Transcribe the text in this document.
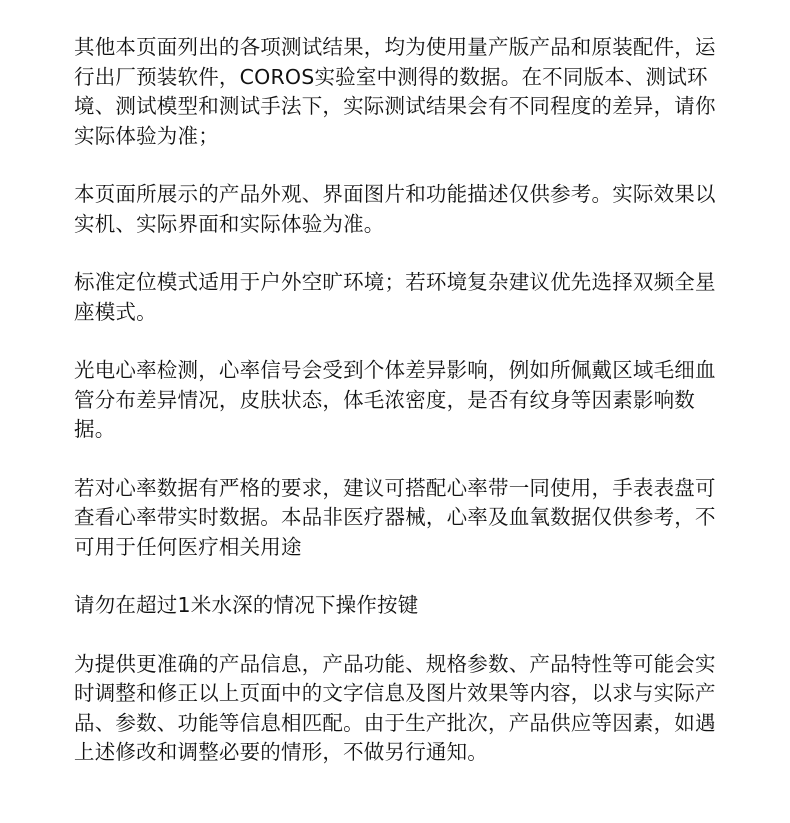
其他本页面列出的各项测试结果，均为使用量产版产品和原装配件，运行出厂预装软件，COROS实验室中测得的数据。在不同版本、测试环境、测试模型和测试手法下，实际测试结果会有不同程度的差异，请你实际体验为准；

本页面所展示的产品外观、界面图片和功能描述仅供参考。实际效果以实机、实际界面和实际体验为准。

标准定位模式适用于户外空旷环境；若环境复杂建议优先选择双频全星座模式。

光电心率检测，心率信号会受到个体差异影响，例如所佩戴区域毛细血管分布差异情况，皮肤状态，体毛浓密度，是否有纹身等因素影响数据。

若对心率数据有严格的要求，建议可搭配心率带一同使用，手表表盘可查看心率带实时数据。本品非医疗器械，心率及血氧数据仅供参考，不可用于任何医疗相关用途

请勿在超过1米水深的情况下操作按键

为提供更准确的产品信息，产品功能、规格参数、产品特性等可能会实时调整和修正以上页面中的文字信息及图片效果等内容，以求与实际产品、参数、功能等信息相匹配。由于生产批次，产品供应等因素，如遇上述修改和调整必要的情形，不做另行通知。
